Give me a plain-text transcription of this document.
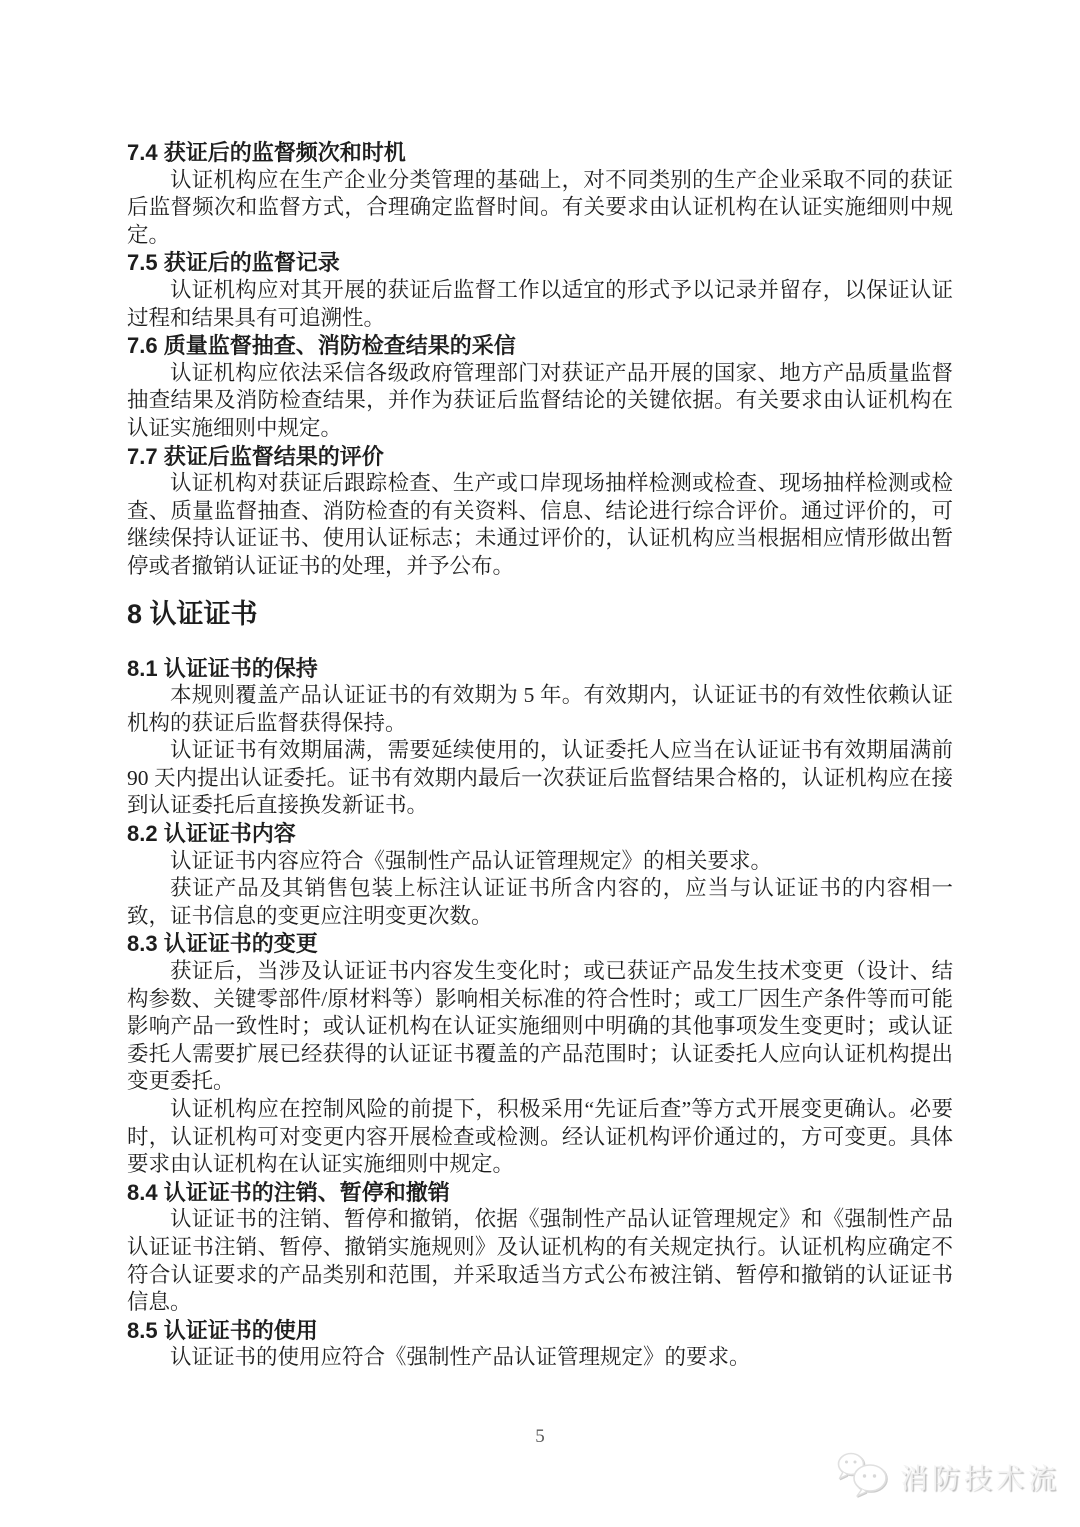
7.4 获证后的监督频次和时机

认证机构应在生产企业分类管理的基础上，对不同类别的生产企业采取不同的获证后监督频次和监督方式，合理确定监督时间。有关要求由认证机构在认证实施细则中规定。

7.5 获证后的监督记录

认证机构应对其开展的获证后监督工作以适宜的形式予以记录并留存，以保证认证过程和结果具有可追溯性。

7.6 质量监督抽查、消防检查结果的采信

认证机构应依法采信各级政府管理部门对获证产品开展的国家、地方产品质量监督抽查结果及消防检查结果，并作为获证后监督结论的关键依据。有关要求由认证机构在认证实施细则中规定。

7.7 获证后监督结果的评价

认证机构对获证后跟踪检查、生产或口岸现场抽样检测或检查、现场抽样检测或检查、质量监督抽查、消防检查的有关资料、信息、结论进行综合评价。通过评价的，可继续保持认证证书、使用认证标志；未通过评价的，认证机构应当根据相应情形做出暂停或者撤销认证证书的处理，并予公布。

8 认证证书
8.1 认证证书的保持

本规则覆盖产品认证证书的有效期为 5 年。有效期内，认证证书的有效性依赖认证机构的获证后监督获得保持。

认证证书有效期届满，需要延续使用的，认证委托人应当在认证证书有效期届满前 90 天内提出认证委托。证书有效期内最后一次获证后监督结果合格的，认证机构应在接到认证委托后直接换发新证书。

8.2 认证证书内容

认证证书内容应符合《强制性产品认证管理规定》的相关要求。

获证产品及其销售包装上标注认证证书所含内容的，应当与认证证书的内容相一致，证书信息的变更应注明变更次数。

8.3 认证证书的变更

获证后，当涉及认证证书内容发生变化时；或已获证产品发生技术变更（设计、结构参数、关键零部件/原材料等）影响相关标准的符合性时；或工厂因生产条件等而可能影响产品一致性时；或认证机构在认证实施细则中明确的其他事项发生变更时；或认证委托人需要扩展已经获得的认证证书覆盖的产品范围时；认证委托人应向认证机构提出变更委托。

认证机构应在控制风险的前提下，积极采用“先证后查”等方式开展变更确认。必要时，认证机构可对变更内容开展检查或检测。经认证机构评价通过的，方可变更。具体要求由认证机构在认证实施细则中规定。

8.4 认证证书的注销、暂停和撤销

认证证书的注销、暂停和撤销，依据《强制性产品认证管理规定》和《强制性产品认证证书注销、暂停、撤销实施规则》及认证机构的有关规定执行。认证机构应确定不符合认证要求的产品类别和范围，并采取适当方式公布被注销、暂停和撤销的认证证书信息。

8.5 认证证书的使用

认证证书的使用应符合《强制性产品认证管理规定》的要求。

5
消防技术流
